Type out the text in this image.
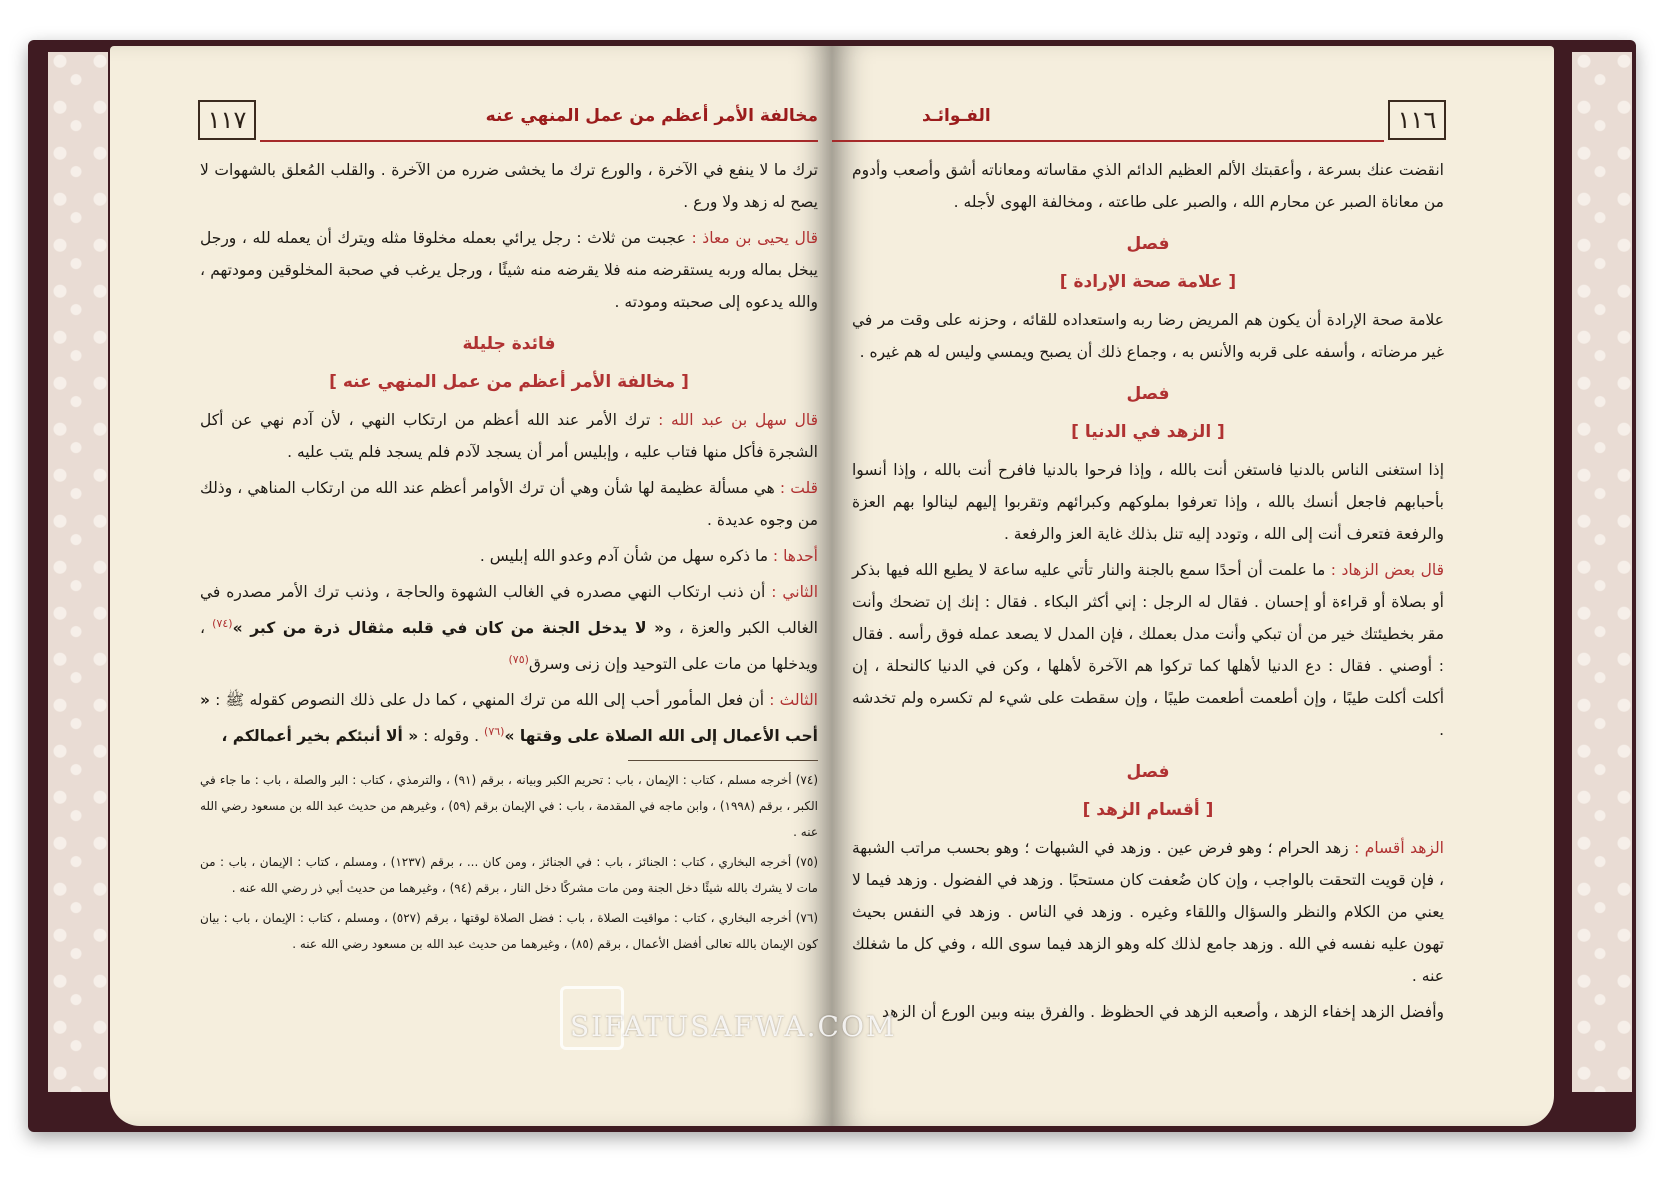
١١٧	مخالفة الأمر أعظم من عمل المنهي عنه

ترك ما لا ينفع في الآخرة ، والورع ترك ما يخشى ضرره من الآخرة . والقلب المُعلق بالشهوات لا يصح له زهد ولا ورع .

قال يحيى بن معاذ : عجبت من ثلاث : رجل يرائي بعمله مخلوقا مثله ويترك أن يعمله لله ، ورجل يبخل بماله وربه يستقرضه منه فلا يقرضه منه شيئًا ، ورجل يرغب في صحبة المخلوقين ومودتهم ، والله يدعوه إلى صحبته ومودته .

فائدة جليلة
[ مخالفة الأمر أعظم من عمل المنهي عنه ]

قال سهل بن عبد الله : ترك الأمر عند الله أعظم من ارتكاب النهي ، لأن آدم نهي عن أكل الشجرة فأكل منها فتاب عليه ، وإبليس أمر أن يسجد لآدم فلم يسجد فلم يتب عليه .

قلت : هي مسألة عظيمة لها شأن وهي أن ترك الأوامر أعظم عند الله من ارتكاب المناهي ، وذلك من وجوه عديدة .

أحدها : ما ذكره سهل من شأن آدم وعدو الله إبليس .

الثاني : أن ذنب ارتكاب النهي مصدره في الغالب الشهوة والحاجة ، وذنب ترك الأمر مصدره في الغالب الكبر والعزة ، و« لا يدخل الجنة من كان في قلبه مثقال ذرة من كبر »$^{(٧٤)}$ ، ويدخلها من مات على التوحيد وإن زنى وسرق$^{(٧٥)}$

الثالث : أن فعل المأمور أحب إلى الله من ترك المنهي ، كما دل على ذلك النصوص كقوله ﷺ : « أحب الأعمال إلى الله الصلاة على وقتها »$^{(٧٦)}$ . وقوله : « ألا أنبئكم بخير أعمالكم ،

(٧٤) أخرجه مسلم ، كتاب : الإيمان ، باب : تحريم الكبر وبيانه ، برقم (٩١) ، والترمذي ، كتاب : البر والصلة ، باب : ما جاء في الكبر ، برقم (١٩٩٨) ، وابن ماجه في المقدمة ، باب : في الإيمان برقم (٥٩) ، وغيرهم من حديث عبد الله بن مسعود رضي الله عنه .

(٧٥) أخرجه البخاري ، كتاب : الجنائز ، باب : في الجنائز ، ومن كان ... ، برقم (١٢٣٧) ، ومسلم ، كتاب : الإيمان ، باب : من مات لا يشرك بالله شيئًا دخل الجنة ومن مات مشركًا دخل النار ، برقم (٩٤) ، وغيرهما من حديث أبي ذر رضي الله عنه .

(٧٦) أخرجه البخاري ، كتاب : مواقيت الصلاة ، باب : فضل الصلاة لوقتها ، برقم (٥٢٧) ، ومسلم ، كتاب : الإيمان ، باب : بيان كون الإيمان بالله تعالى أفضل الأعمال ، برقم (٨٥) ، وغيرهما من حديث عبد الله بن مسعود رضي الله عنه .

١١٦
الفـوائـد

انقضت عنك بسرعة ، وأعقبتك الألم العظيم الدائم الذي مقاساته ومعاناته أشق وأصعب وأدوم من معاناة الصبر عن محارم الله ، والصبر على طاعته ، ومخالفة الهوى لأجله .

فصل
[ علامة صحة الإرادة ]

علامة صحة الإرادة أن يكون هم المريض رضا ربه واستعداده للقائه ، وحزنه على وقت مر في غير مرضاته ، وأسفه على قربه والأنس به ، وجماع ذلك أن يصبح ويمسي وليس له هم غيره .

فصل
[ الزهد في الدنيا ]

إذا استغنى الناس بالدنيا فاستغن أنت بالله ، وإذا فرحوا بالدنيا فافرح أنت بالله ، وإذا أنسوا بأحبابهم فاجعل أنسك بالله ، وإذا تعرفوا بملوكهم وكبرائهم وتقربوا إليهم لينالوا بهم العزة والرفعة فتعرف أنت إلى الله ، وتودد إليه تنل بذلك غاية العز والرفعة .

قال بعض الزهاد : ما علمت أن أحدًا سمع بالجنة والنار تأتي عليه ساعة لا يطيع الله فيها بذكر أو بصلاة أو قراءة أو إحسان . فقال له الرجل : إني أكثر البكاء . فقال : إنك إن تضحك وأنت مقر بخطيئتك خير من أن تبكي وأنت مدل بعملك ، فإن المدل لا يصعد عمله فوق رأسه . فقال : أوصني . فقال : دع الدنيا لأهلها كما تركوا هم الآخرة لأهلها ، وكن في الدنيا كالنحلة ، إن أكلت أكلت طيبًا ، وإن أطعمت أطعمت طيبًا ، وإن سقطت على شيء لم تكسره ولم تخدشه .

فصل
[ أقسام الزهد ]

الزهد أقسام : زهد الحرام ؛ وهو فرض عين . وزهد في الشبهات ؛ وهو بحسب مراتب الشبهة ، فإن قويت التحقت بالواجب ، وإن كان ضُعفت كان مستحبًا . وزهد في الفضول . وزهد فيما لا يعني من الكلام والنظر والسؤال واللقاء وغيره . وزهد في الناس . وزهد في النفس بحيث تهون عليه نفسه في الله . وزهد جامع لذلك كله وهو الزهد فيما سوى الله ، وفي كل ما شغلك عنه .

وأفضل الزهد إخفاء الزهد ، وأصعبه الزهد في الحظوظ . والفرق بينه وبين الورع أن الزهد

SIFATUSAFWA.COM
